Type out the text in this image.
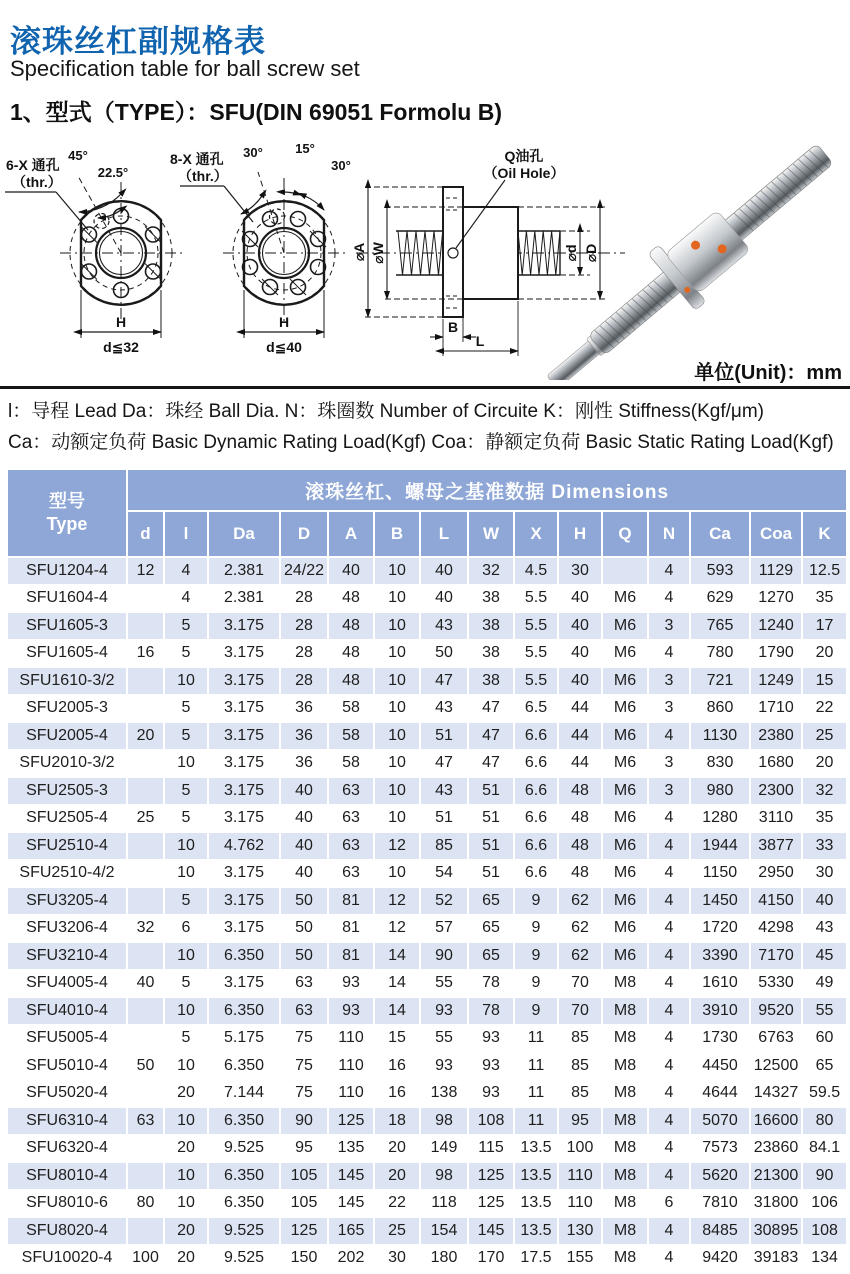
滚珠丝杠副规格表
Specification table for ball screw set
1、型式（TYPE）：SFU(DIN 69051 Formolu B)
6-X 通孔
（thr.）
45°
22.5°
H
d≦32
8-X 通孔
（thr.）
30° 15°
30°
H
d≦40
Q油孔
（Oil Hole）
⌀A ⌀W	⌀d ⌀D
B
L
单位(Unit)：mm
l：导程 Lead Da：珠经 Ball Dia. N：珠圈数 Number of Circuite K：刚性 Stiffness(Kgf/μm)
Ca：动额定负荷 Basic Dynamic Rating Load(Kgf) Coa：静额定负荷 Basic Static Rating Load(Kgf)
型号
Type	滚珠丝杠、螺母之基准数据 Dimensions														
	d	l	Da	D	A	B	L	W	X	H	Q	N	Ca	Coa	K
SFU1204-4	12	4	2.381	24/22	40	10	40	32	4.5	30		4	593	1129	12.5
SFU1604-4		4	2.381	28	48	10	40	38	5.5	40	M6	4	629	1270	35
SFU1605-3		5	3.175	28	48	10	43	38	5.5	40	M6	3	765	1240	17
SFU1605-4	16	5	3.175	28	48	10	50	38	5.5	40	M6	4	780	1790	20
SFU1610-3/2		10	3.175	28	48	10	47	38	5.5	40	M6	3	721	1249	15
SFU2005-3		5	3.175	36	58	10	43	47	6.5	44	M6	3	860	1710	22
SFU2005-4	20	5	3.175	36	58	10	51	47	6.6	44	M6	4	1130	2380	25
SFU2010-3/2		10	3.175	36	58	10	47	47	6.6	44	M6	3	830	1680	20
SFU2505-3		5	3.175	40	63	10	43	51	6.6	48	M6	3	980	2300	32
SFU2505-4	25	5	3.175	40	63	10	51	51	6.6	48	M6	4	1280	3110	35
SFU2510-4		10	4.762	40	63	12	85	51	6.6	48	M6	4	1944	3877	33
SFU2510-4/2		10	3.175	40	63	10	54	51	6.6	48	M6	4	1150	2950	30
SFU3205-4		5	3.175	50	81	12	52	65	9	62	M6	4	1450	4150	40
SFU3206-4	32	6	3.175	50	81	12	57	65	9	62	M6	4	1720	4298	43
SFU3210-4		10	6.350	50	81	14	90	65	9	62	M6	4	3390	7170	45
SFU4005-4	40	5	3.175	63	93	14	55	78	9	70	M8	4	1610	5330	49
SFU4010-4		10	6.350	63	93	14	93	78	9	70	M8	4	3910	9520	55
SFU5005-4		5	5.175	75	110	15	55	93	11	85	M8	4	1730	6763	60
SFU5010-4	50	10	6.350	75	110	16	93	93	11	85	M8	4	4450	12500	65
SFU5020-4		20	7.144	75	110	16	138	93	11	85	M8	4	4644	14327	59.5
SFU6310-4	63	10	6.350	90	125	18	98	108	11	95	M8	4	5070	16600	80
SFU6320-4		20	9.525	95	135	20	149	115	13.5	100	M8	4	7573	23860	84.1
SFU8010-4		10	6.350	105	145	20	98	125	13.5	110	M8	4	5620	21300	90
SFU8010-6	80	10	6.350	105	145	22	118	125	13.5	110	M8	6	7810	31800	106
SFU8020-4		20	9.525	125	165	25	154	145	13.5	130	M8	4	8485	30895	108
SFU10020-4	100	20	9.525	150	202	30	180	170	17.5	155	M8	4	9420	39183	134
